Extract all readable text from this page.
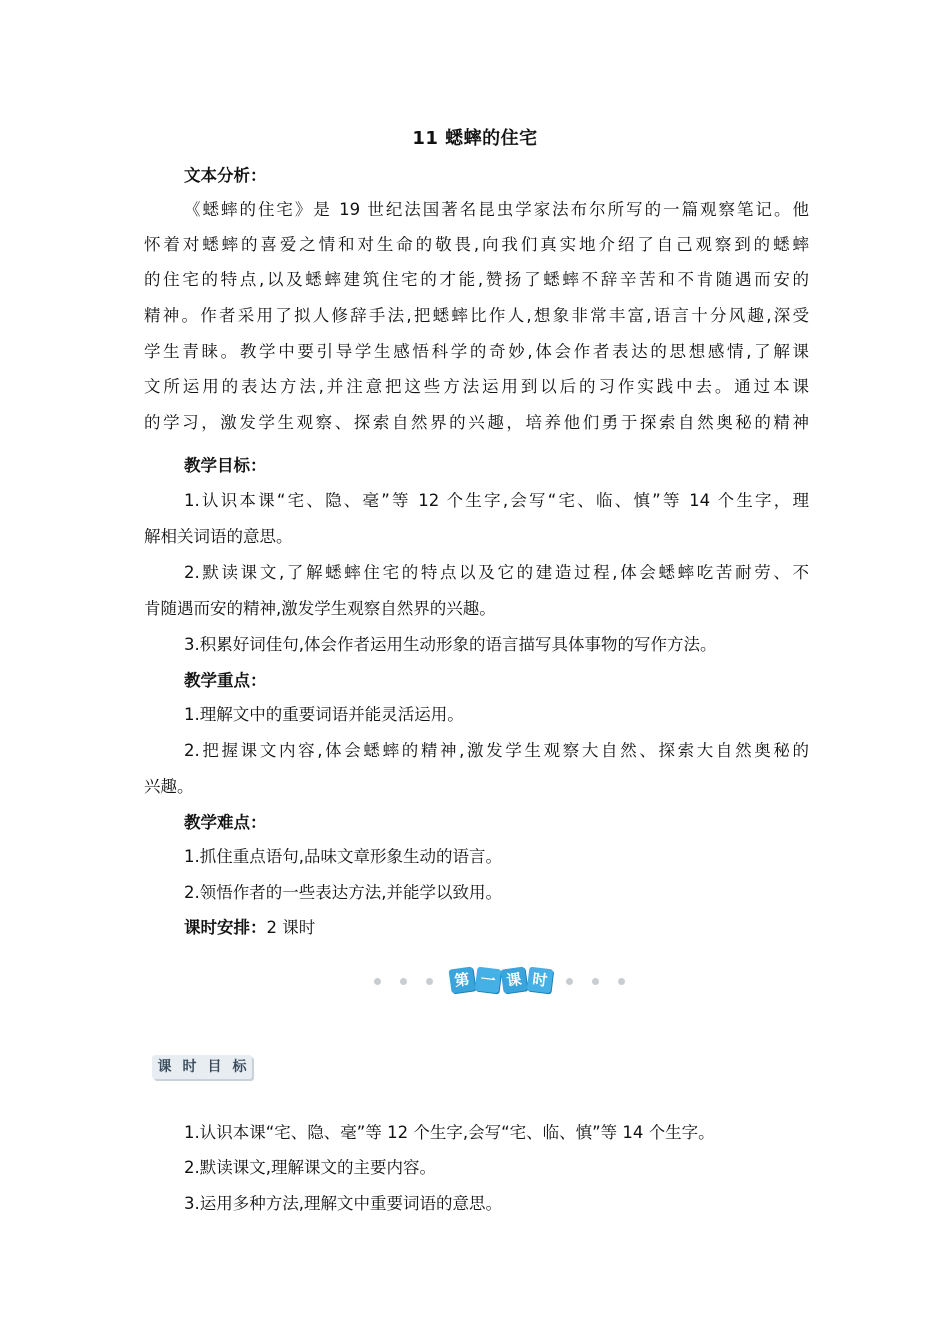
11 蟋蟀的住宅
文本分析：
《蟋蟀的住宅》是 19 世纪法国著名昆虫学家法布尔所写的一篇观察笔记。他
怀着对蟋蟀的喜爱之情和对生命的敬畏,向我们真实地介绍了自己观察到的蟋蟀
的住宅的特点,以及蟋蟀建筑住宅的才能,赞扬了蟋蟀不辞辛苦和不肯随遇而安的
精神。作者采用了拟人修辞手法,把蟋蟀比作人,想象非常丰富,语言十分风趣,深受
学生青睐。教学中要引导学生感悟科学的奇妙,体会作者表达的思想感情,了解课
文所运用的表达方法,并注意把这些方法运用到以后的习作实践中去。通过本课
的学习，激发学生观察、探索自然界的兴趣，培养他们勇于探索自然奥秘的精神
教学目标：
1.认识本课“宅、隐、毫”等 12 个生字,会写“宅、临、慎”等 14 个生字，理
解相关词语的意思。
2.默读课文,了解蟋蟀住宅的特点以及它的建造过程,体会蟋蟀吃苦耐劳、不
肯随遇而安的精神,激发学生观察自然界的兴趣。
3.积累好词佳句,体会作者运用生动形象的语言描写具体事物的写作方法。
教学重点：
1.理解文中的重要词语并能灵活运用。
2.把握课文内容,体会蟋蟀的精神,激发学生观察大自然、探索大自然奥秘的
兴趣。
教学难点：
1.抓住重点语句,品味文章形象生动的语言。
2.领悟作者的一些表达方法,并能学以致用。
课时安排：2 课时
第 一 课 时
课 时 目 标
1.认识本课“宅、隐、毫”等 12 个生字,会写“宅、临、慎”等 14 个生字。
2.默读课文,理解课文的主要内容。
3.运用多种方法,理解文中重要词语的意思。
